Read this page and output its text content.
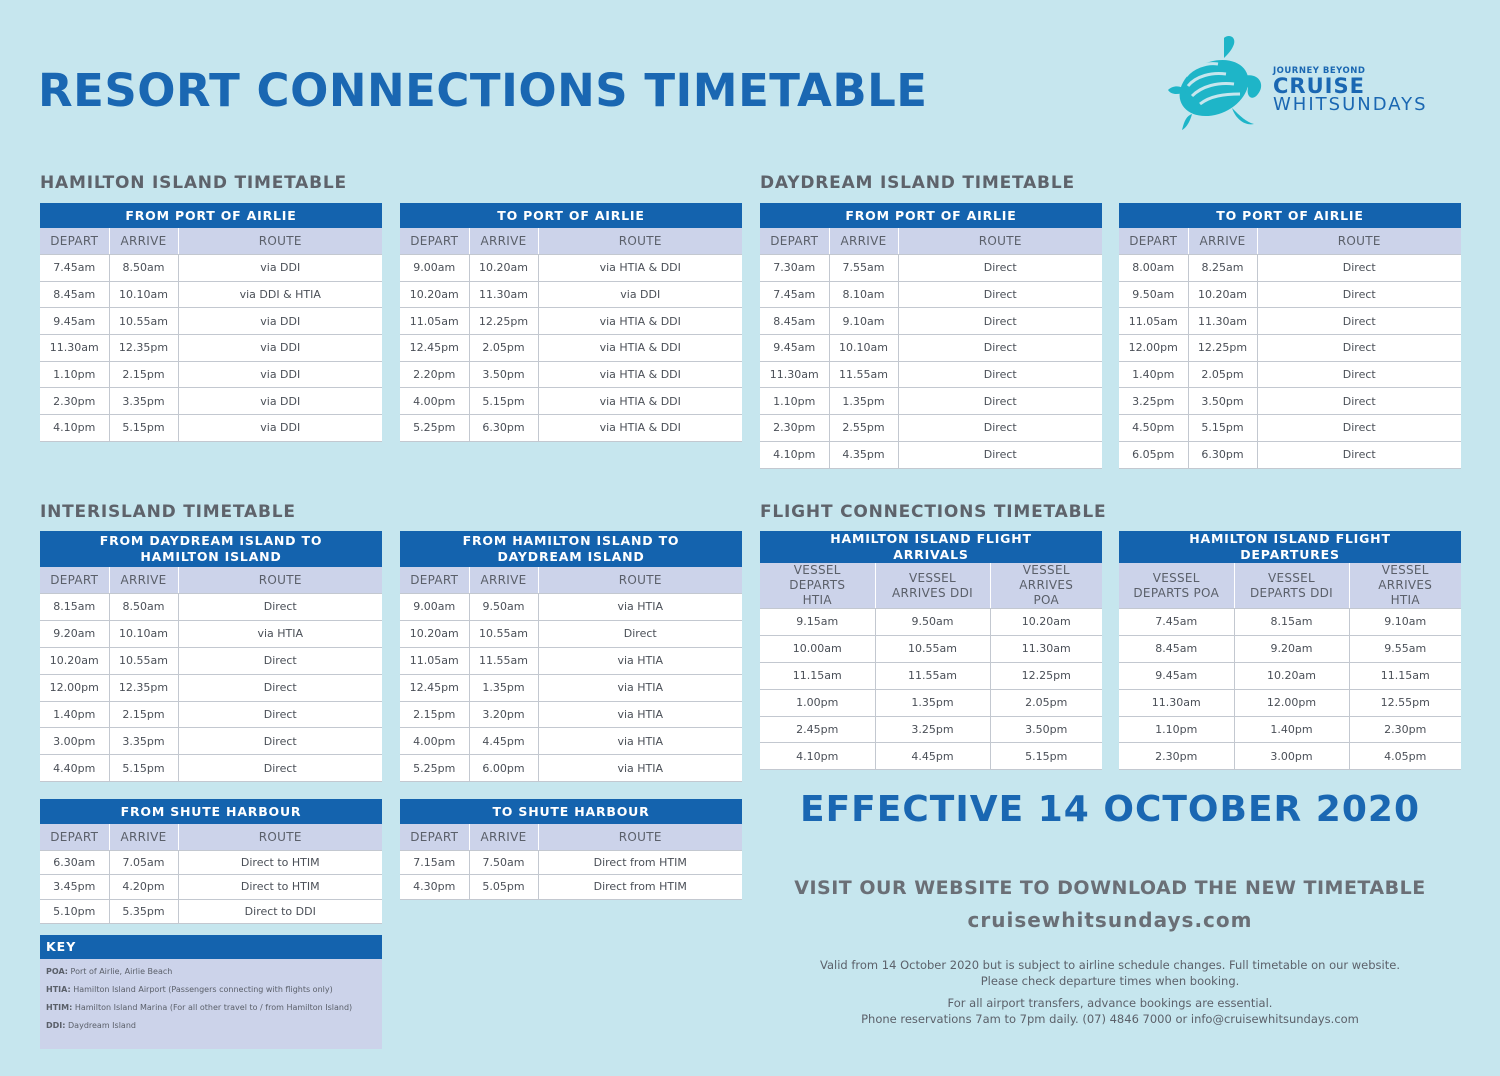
RESORT CONNECTIONS TIMETABLE	JOURNEY BEYOND
CRUISE
WHITSUNDAYS
HAMILTON ISLAND TIMETABLE	DAYDREAM ISLAND TIMETABLE
INTERISLAND TIMETABLE	FLIGHT CONNECTIONS TIMETABLE
FROM PORT OF AIRLIE		
DEPART	ARRIVE	ROUTE
7.45am	8.50am	via DDI
8.45am	10.10am	via DDI & HTIA
9.45am	10.55am	via DDI
11.30am	12.35pm	via DDI
1.10pm	2.15pm	via DDI
2.30pm	3.35pm	via DDI
4.10pm	5.15pm	via DDI
TO PORT OF AIRLIE		
DEPART	ARRIVE	ROUTE
9.00am	10.20am	via HTIA & DDI
10.20am	11.30am	via DDI
11.05am	12.25pm	via HTIA & DDI
12.45pm	2.05pm	via HTIA & DDI
2.20pm	3.50pm	via HTIA & DDI
4.00pm	5.15pm	via HTIA & DDI
5.25pm	6.30pm	via HTIA & DDI
FROM PORT OF AIRLIE		
DEPART	ARRIVE	ROUTE
7.30am	7.55am	Direct
7.45am	8.10am	Direct
8.45am	9.10am	Direct
9.45am	10.10am	Direct
11.30am	11.55am	Direct
1.10pm	1.35pm	Direct
2.30pm	2.55pm	Direct
4.10pm	4.35pm	Direct
TO PORT OF AIRLIE		
DEPART	ARRIVE	ROUTE
8.00am	8.25am	Direct
9.50am	10.20am	Direct
11.05am	11.30am	Direct
12.00pm	12.25pm	Direct
1.40pm	2.05pm	Direct
3.25pm	3.50pm	Direct
4.50pm	5.15pm	Direct
6.05pm	6.30pm	Direct
FROM DAYDREAM ISLAND TO HAMILTON ISLAND		
DEPART	ARRIVE	ROUTE
8.15am	8.50am	Direct
9.20am	10.10am	via HTIA
10.20am	10.55am	Direct
12.00pm	12.35pm	Direct
1.40pm	2.15pm	Direct
3.00pm	3.35pm	Direct
4.40pm	5.15pm	Direct
FROM HAMILTON ISLAND TO DAYDREAM ISLAND		
DEPART	ARRIVE	ROUTE
9.00am	9.50am	via HTIA
10.20am	10.55am	Direct
11.05am	11.55am	via HTIA
12.45pm	1.35pm	via HTIA
2.15pm	3.20pm	via HTIA
4.00pm	4.45pm	via HTIA
5.25pm	6.00pm	via HTIA
HAMILTON ISLAND FLIGHT ARRIVALS		
VESSEL DEPARTS HTIA	VESSEL ARRIVES DDI	VESSEL ARRIVES POA
9.15am	9.50am	10.20am
10.00am	10.55am	11.30am
11.15am	11.55am	12.25pm
1.00pm	1.35pm	2.05pm
2.45pm	3.25pm	3.50pm
4.10pm	4.45pm	5.15pm
HAMILTON ISLAND FLIGHT DEPARTURES		
VESSEL DEPARTS POA	VESSEL DEPARTS DDI	VESSEL ARRIVES HTIA
7.45am	8.15am	9.10am
8.45am	9.20am	9.55am
9.45am	10.20am	11.15am
11.30am	12.00pm	12.55pm
1.10pm	1.40pm	2.30pm
2.30pm	3.00pm	4.05pm
FROM SHUTE HARBOUR		
DEPART	ARRIVE	ROUTE
6.30am	7.05am	Direct to HTIM
3.45pm	4.20pm	Direct to HTIM
5.10pm	5.35pm	Direct to DDI
TO SHUTE HARBOUR		
DEPART	ARRIVE	ROUTE
7.15am	7.50am	Direct from HTIM
4.30pm	5.05pm	Direct from HTIM
KEY
POA: Port of Airlie, Airlie Beach
HTIA: Hamilton Island Airport (Passengers connecting with flights only)
HTIM: Hamilton Island Marina (For all other travel to / from Hamilton Island)
DDI: Daydream Island
EFFECTIVE 14 OCTOBER 2020

VISIT OUR WEBSITE TO DOWNLOAD THE NEW TIMETABLE

cruisewhitsundays.com

Valid from 14 October 2020 but is subject to airline schedule changes. Full timetable on our website.

Please check departure times when booking.

For all airport transfers, advance bookings are essential.

Phone reservations 7am to 7pm daily. (07) 4846 7000 or info@cruisewhitsundays.com
